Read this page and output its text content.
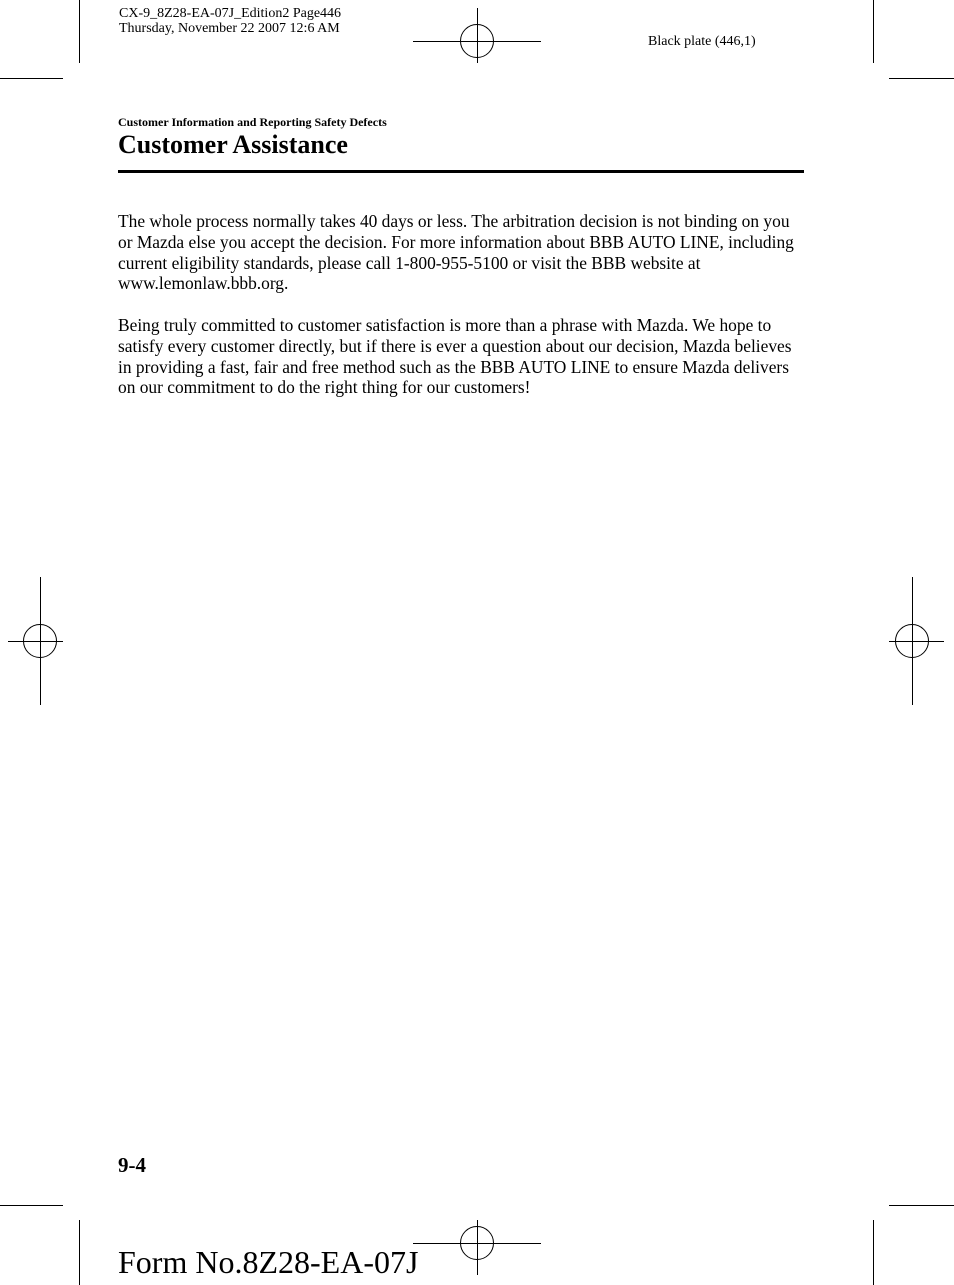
CX-9_8Z28-EA-07J_Edition2 Page446
Thursday, November 22 2007 12:6 AM
Black plate (446,1)
Customer Information and Reporting Safety Defects
Customer Assistance

The whole process normally takes 40 days or less. The arbitration decision is not binding on you or Mazda else you accept the decision. For more information about BBB AUTO LINE, including current eligibility standards, please call 1-800-955-5100 or visit the BBB website at www.lemonlaw.bbb.org.

Being truly committed to customer satisfaction is more than a phrase with Mazda. We hope to satisfy every customer directly, but if there is ever a question about our decision, Mazda believes in providing a fast, fair and free method such as the BBB AUTO LINE to ensure Mazda delivers on our commitment to do the right thing for our customers!

9-4
Form No.8Z28-EA-07J
